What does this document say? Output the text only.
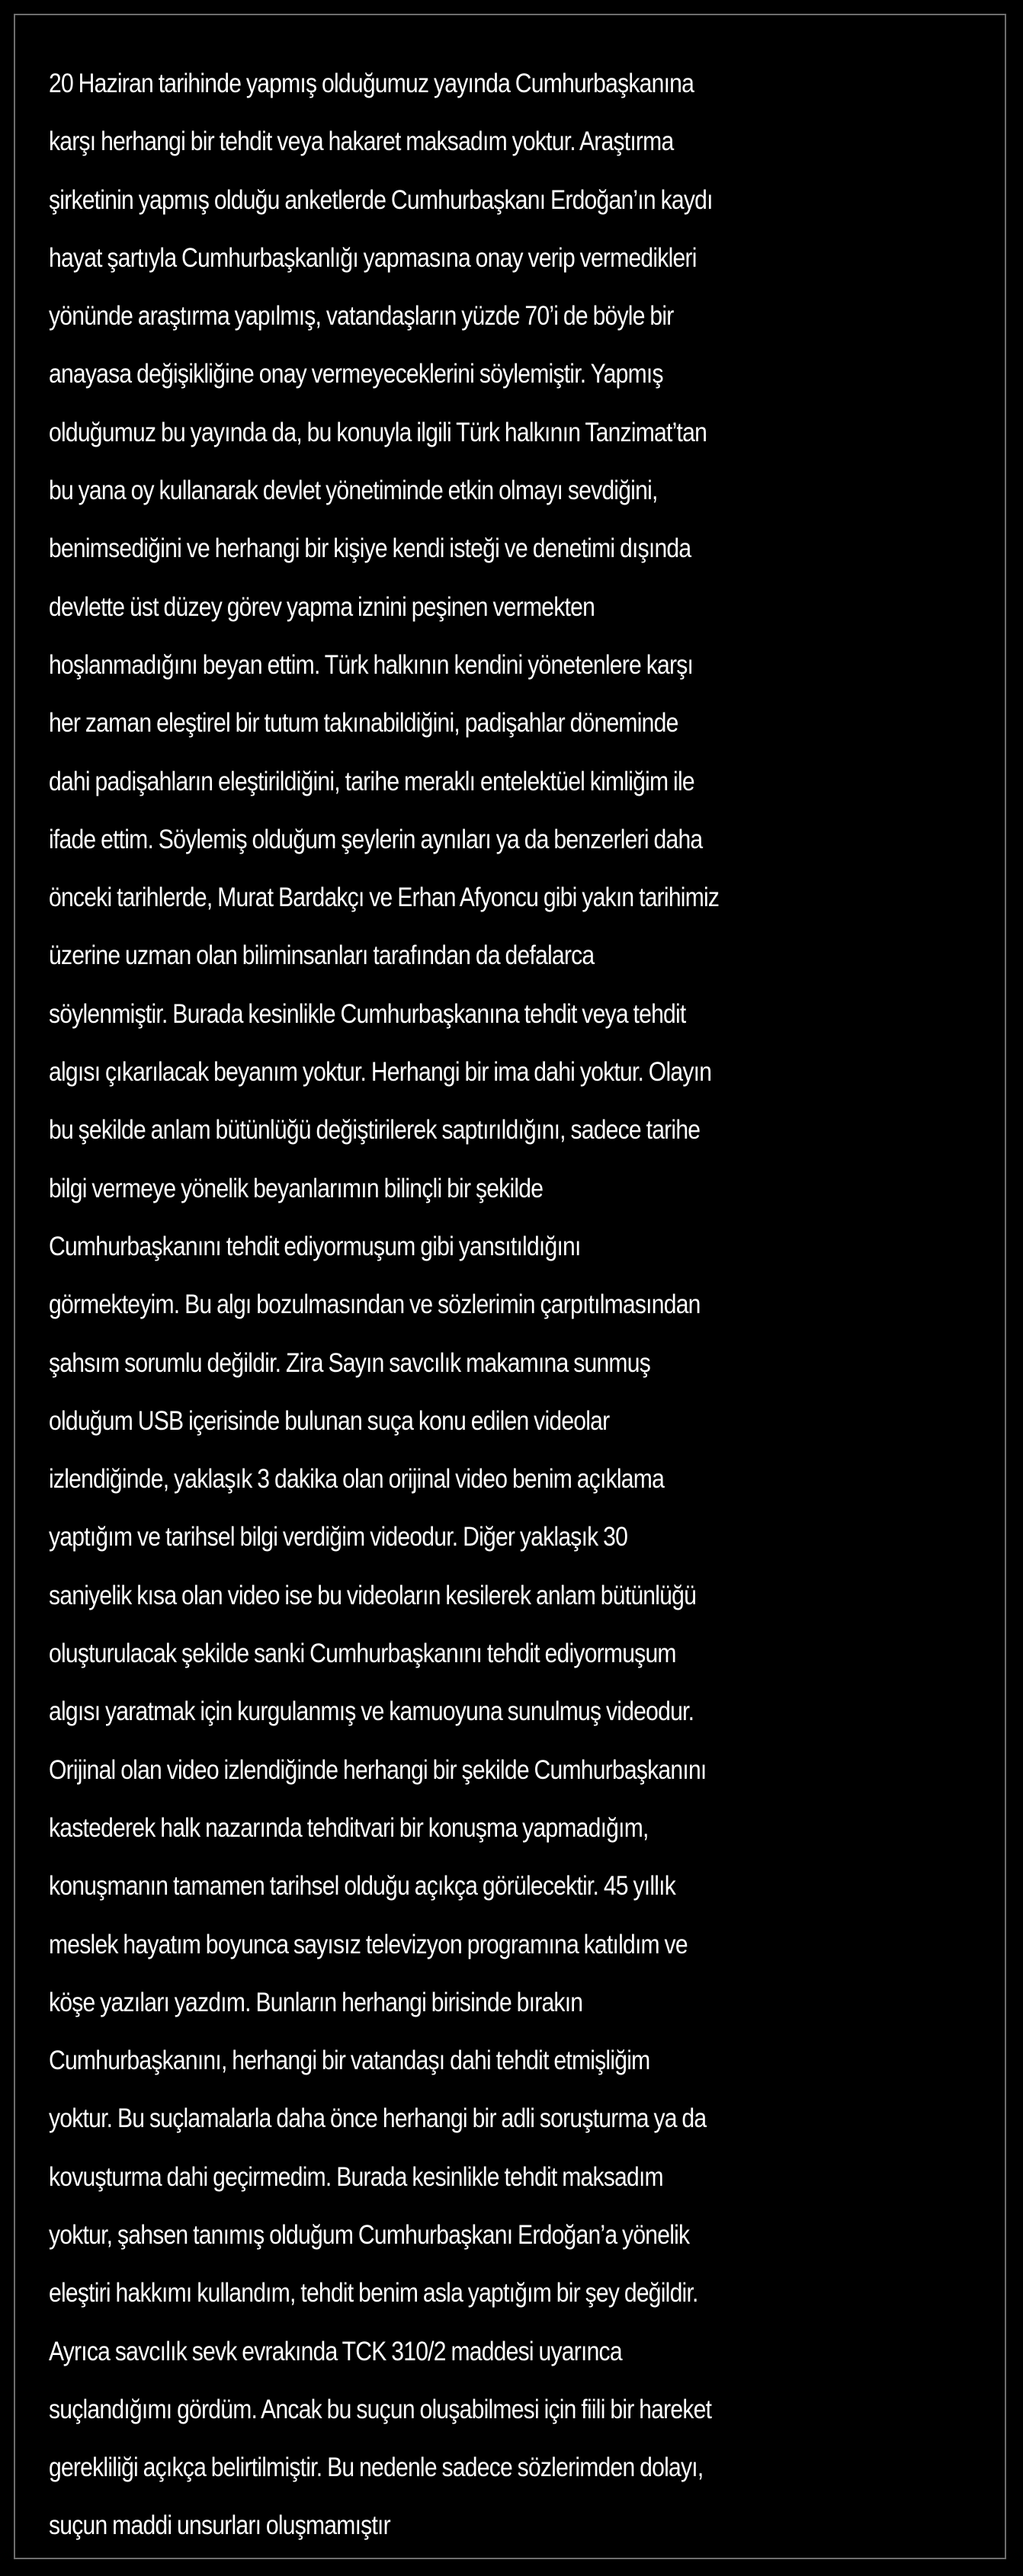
20 Haziran tarihinde yapmış olduğumuz yayında Cumhurbaşkanına
karşı herhangi bir tehdit veya hakaret maksadım yoktur. Araştırma
şirketinin yapmış olduğu anketlerde Cumhurbaşkanı Erdoğan’ın kaydı
hayat şartıyla Cumhurbaşkanlığı yapmasına onay verip vermedikleri
yönünde araştırma yapılmış, vatandaşların yüzde 70’i de böyle bir
anayasa değişikliğine onay vermeyeceklerini söylemiştir. Yapmış
olduğumuz bu yayında da, bu konuyla ilgili Türk halkının Tanzimat’tan
bu yana oy kullanarak devlet yönetiminde etkin olmayı sevdiğini,
benimsediğini ve herhangi bir kişiye kendi isteği ve denetimi dışında
devlette üst düzey görev yapma iznini peşinen vermekten
hoşlanmadığını beyan ettim. Türk halkının kendini yönetenlere karşı
her zaman eleştirel bir tutum takınabildiğini, padişahlar döneminde
dahi padişahların eleştirildiğini, tarihe meraklı entelektüel kimliğim ile
ifade ettim. Söylemiş olduğum şeylerin aynıları ya da benzerleri daha
önceki tarihlerde, Murat Bardakçı ve Erhan Afyoncu gibi yakın tarihimiz
üzerine uzman olan biliminsanları tarafından da defalarca
söylenmiştir. Burada kesinlikle Cumhurbaşkanına tehdit veya tehdit
algısı çıkarılacak beyanım yoktur. Herhangi bir ima dahi yoktur. Olayın
bu şekilde anlam bütünlüğü değiştirilerek saptırıldığını, sadece tarihe
bilgi vermeye yönelik beyanlarımın bilinçli bir şekilde
Cumhurbaşkanını tehdit ediyormuşum gibi yansıtıldığını
görmekteyim. Bu algı bozulmasından ve sözlerimin çarpıtılmasından
şahsım sorumlu değildir. Zira Sayın savcılık makamına sunmuş
olduğum USB içerisinde bulunan suça konu edilen videolar
izlendiğinde, yaklaşık 3 dakika olan orijinal video benim açıklama
yaptığım ve tarihsel bilgi verdiğim videodur. Diğer yaklaşık 30
saniyelik kısa olan video ise bu videoların kesilerek anlam bütünlüğü
oluşturulacak şekilde sanki Cumhurbaşkanını tehdit ediyormuşum
algısı yaratmak için kurgulanmış ve kamuoyuna sunulmuş videodur.
Orijinal olan video izlendiğinde herhangi bir şekilde Cumhurbaşkanını
kastederek halk nazarında tehditvari bir konuşma yapmadığım,
konuşmanın tamamen tarihsel olduğu açıkça görülecektir. 45 yıllık
meslek hayatım boyunca sayısız televizyon programına katıldım ve
köşe yazıları yazdım. Bunların herhangi birisinde bırakın
Cumhurbaşkanını, herhangi bir vatandaşı dahi tehdit etmişliğim
yoktur. Bu suçlamalarla daha önce herhangi bir adli soruşturma ya da
kovuşturma dahi geçirmedim. Burada kesinlikle tehdit maksadım
yoktur, şahsen tanımış olduğum Cumhurbaşkanı Erdoğan’a yönelik
eleştiri hakkımı kullandım, tehdit benim asla yaptığım bir şey değildir.
Ayrıca savcılık sevk evrakında TCK 310/2 maddesi uyarınca
suçlandığımı gördüm. Ancak bu suçun oluşabilmesi için fiili bir hareket
gerekliliği açıkça belirtilmiştir. Bu nedenle sadece sözlerimden dolayı,
suçun maddi unsurları oluşmamıştır
